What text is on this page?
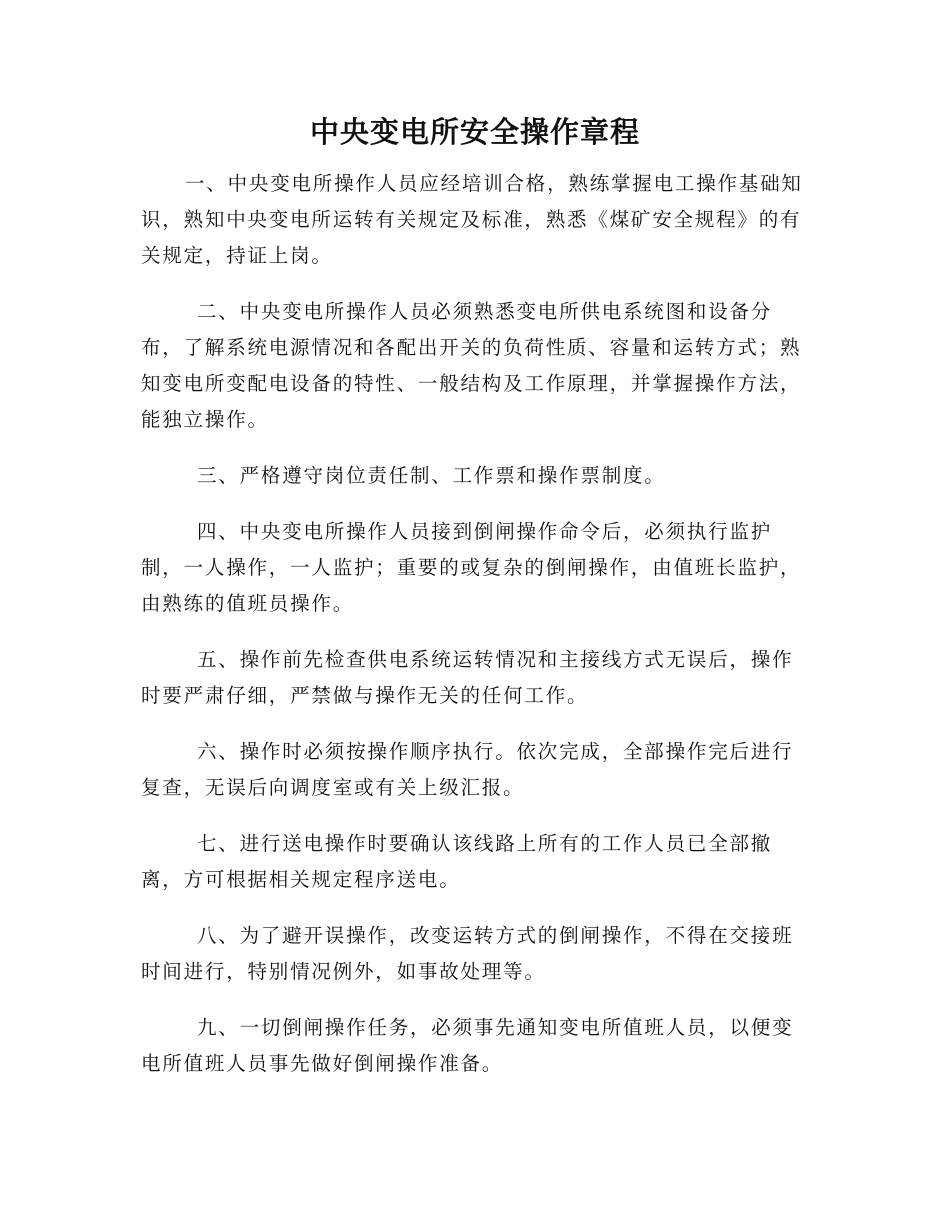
中央变电所安全操作章程

一、中央变电所操作人员应经培训合格，熟练掌握电工操作基础知识，熟知中央变电所运转有关规定及标准，熟悉《煤矿安全规程》的有关规定，持证上岗。

二、中央变电所操作人员必须熟悉变电所供电系统图和设备分布，了解系统电源情况和各配出开关的负荷性质、容量和运转方式；熟知变电所变配电设备的特性、一般结构及工作原理，并掌握操作方法，能独立操作。

三、严格遵守岗位责任制、工作票和操作票制度。

四、中央变电所操作人员接到倒闸操作命令后，必须执行监护制，一人操作，一人监护；重要的或复杂的倒闸操作，由值班长监护，由熟练的值班员操作。

五、操作前先检查供电系统运转情况和主接线方式无误后，操作时要严肃仔细，严禁做与操作无关的任何工作。

六、操作时必须按操作顺序执行。依次完成，全部操作完后进行复查，无误后向调度室或有关上级汇报。

七、进行送电操作时要确认该线路上所有的工作人员已全部撤离，方可根据相关规定程序送电。

八、为了避开误操作，改变运转方式的倒闸操作，不得在交接班时间进行，特别情况例外，如事故处理等。

九、一切倒闸操作任务，必须事先通知变电所值班人员，以便变电所值班人员事先做好倒闸操作准备。
